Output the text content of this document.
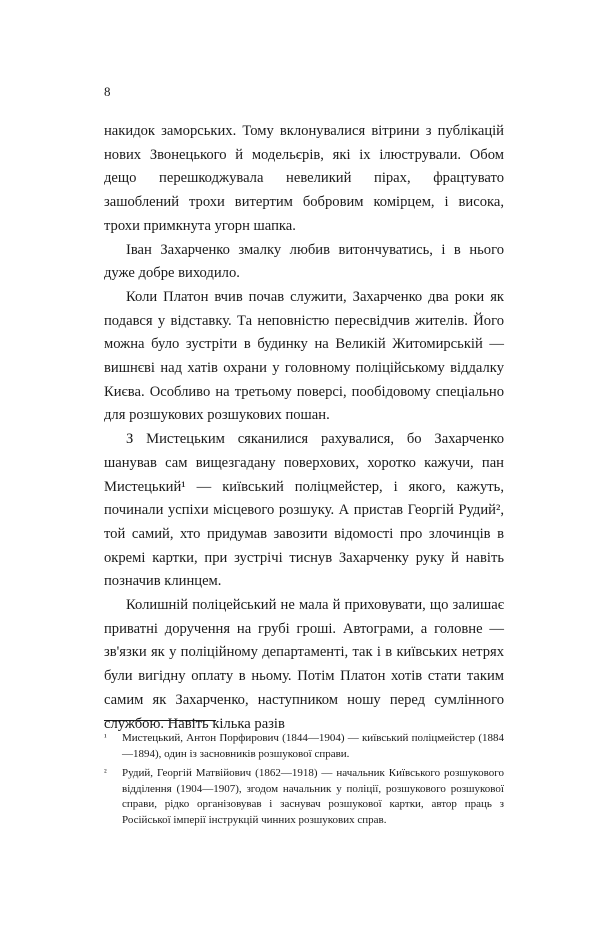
8

накидок заморських. Тому вклонувалися вітрини з публікацій нових Звонецького й модельєрів, які іх ілюстрували. Обом дещо перешкоджувала невеликий пірах, фрацтувато зашоблений трохи витертим бобровим комірцем, і висока, трохи примкнута угорн шапка.

Іван Захарченко змалку любив витончуватись, і в нього дуже добре виходило.

Коли Платон вчив почав служити, Захарченко два роки як подався у відставку. Та неповністю пересвідчив жителів. Його можна було зустріти в будинку на Великій Житомирській — вишнєві над хатів охрани у головному поліційському віддалку Києва. Особливо на третьому поверсі, пообідовому спеціально для розшукових розшукових пошан.

З Мистецьким сяканилися рахувалися, бо Захарченко шанував сам вищезгадану поверхових, хоротко кажучи, пан Мистецький¹ — київський поліцмейстер, і якого, кажуть, починали успіхи місцевого розшуку. А пристав Георгій Рудий², той самий, хто придумав завозити відомості про злочинців в окремі картки, при зустрічі тиснув Захарченку руку й навіть позначив клинцем.

Колишній поліцейський не мала й приховувати, що залишає приватні доручення на грубі гроші. Автограми, а головне — зв'язки як у поліційному департаменті, так і в київських нетрях були вигідну оплату в ньому. Потім Платон хотів стати таким самим як Захарченко, наступником ношу перед сумлінного службою. Навіть кілька разів

¹ Мистецький, Антон Порфирович (1844—1904) — київський поліцмейстер (1884—1894), один із засновників розшукової справи.
² Рудий, Георгій Матвійович (1862—1918) — начальник Київського розшукового відділення (1904—1907), згодом начальник у поліції, розшукового розшукової справи, рідко організовував і заснувач розшукової картки, автор праць з Російської імперії інструкцій чинних розшукових справ.
